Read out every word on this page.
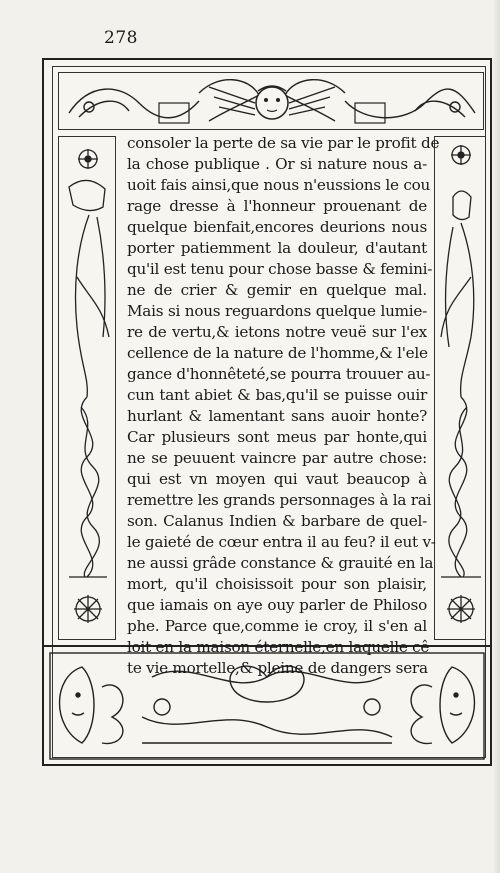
278
consoler la perte de sa vie par le profit de
la chose publique . Or si nature nous a-
uoit fais ainsi,que nous n'eussions le cou
rage dresse à l'honneur prouenant de
quelque bienfait,encores deurions nous
porter patiemment la douleur, d'autant
qu'il est tenu pour chose basse & femini-
ne de crier & gemir en quelque mal.
Mais si nous reguardons quelque lumie-
re de vertu,& ietons notre veuë sur l'ex
cellence de la nature de l'homme,& l'ele
gance d'honnêteté,se pourra trouuer au-
cun tant abiet & bas,qu'il se puisse ouir
hurlant & lamentant sans auoir honte?
Car plusieurs sont meus par honte,qui
ne se peuuent vaincre par autre chose:
qui est vn moyen qui vaut beaucop à
remettre les grands personnages à la rai
son. Calanus Indien & barbare de quel-
le gaieté de cœur entra il au feu? il eut v-
ne aussi grâde constance & grauité en la
mort, qu'il choisissoit pour son plaisir,
que iamais on aye ouy parler de Philoso
phe. Parce que,comme ie croy, il s'en al
loit en la maison éternelle,en laquelle cê
te vie mortelle,& pleine de dangers sera
